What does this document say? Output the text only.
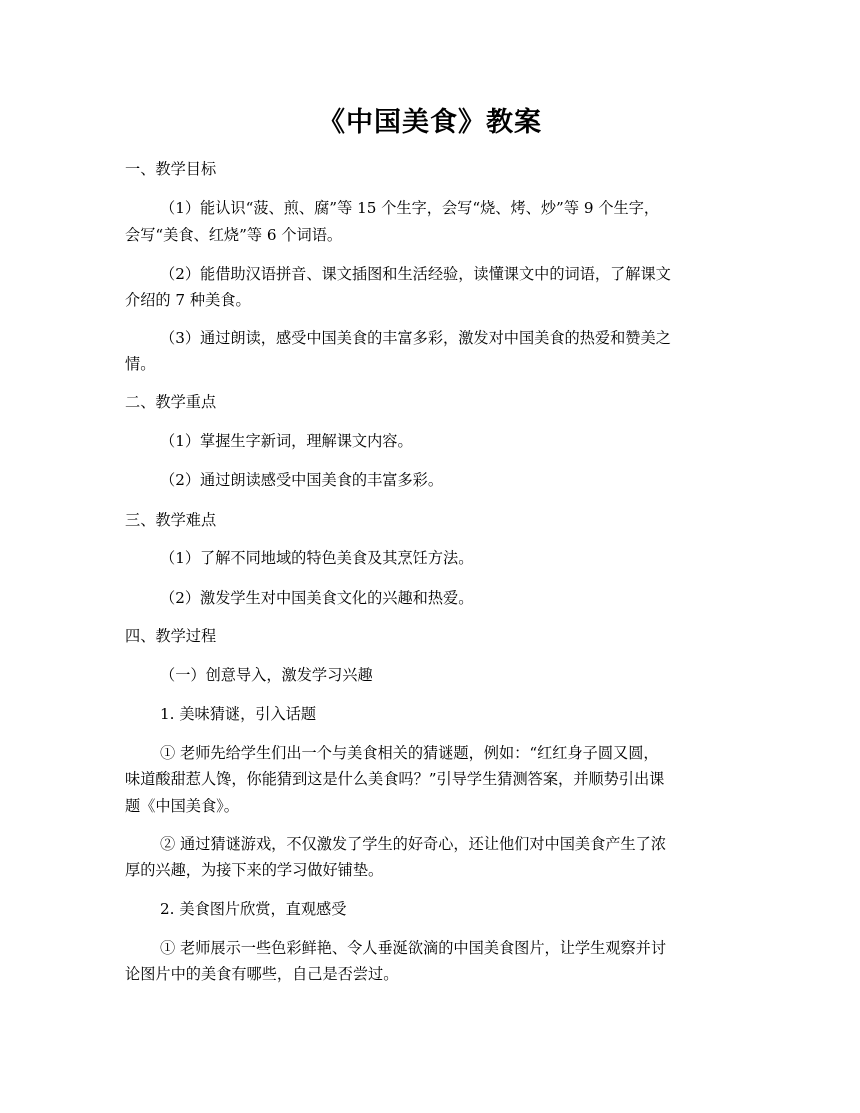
《中国美食》教案
一、教学目标
（1）能认识“菠、煎、腐”等 15 个生字，会写“烧、烤、炒”等 9 个生字，
会写“美食、红烧”等 6 个词语。
（2）能借助汉语拼音、课文插图和生活经验，读懂课文中的词语，了解课文
介绍的 7 种美食。
（3）通过朗读，感受中国美食的丰富多彩，激发对中国美食的热爱和赞美之
情。
二、教学重点
（1）掌握生字新词，理解课文内容。
（2）通过朗读感受中国美食的丰富多彩。
三、教学难点
（1）了解不同地域的特色美食及其烹饪方法。
（2）激发学生对中国美食文化的兴趣和热爱。
四、教学过程
（一）创意导入，激发学习兴趣
1. 美味猜谜，引入话题
① 老师先给学生们出一个与美食相关的猜谜题，例如：“红红身子圆又圆，
味道酸甜惹人馋，你能猜到这是什么美食吗？”引导学生猜测答案，并顺势引出课
题《中国美食》。
② 通过猜谜游戏，不仅激发了学生的好奇心，还让他们对中国美食产生了浓
厚的兴趣，为接下来的学习做好铺垫。
2. 美食图片欣赏，直观感受
① 老师展示一些色彩鲜艳、令人垂涎欲滴的中国美食图片，让学生观察并讨
论图片中的美食有哪些，自己是否尝过。
